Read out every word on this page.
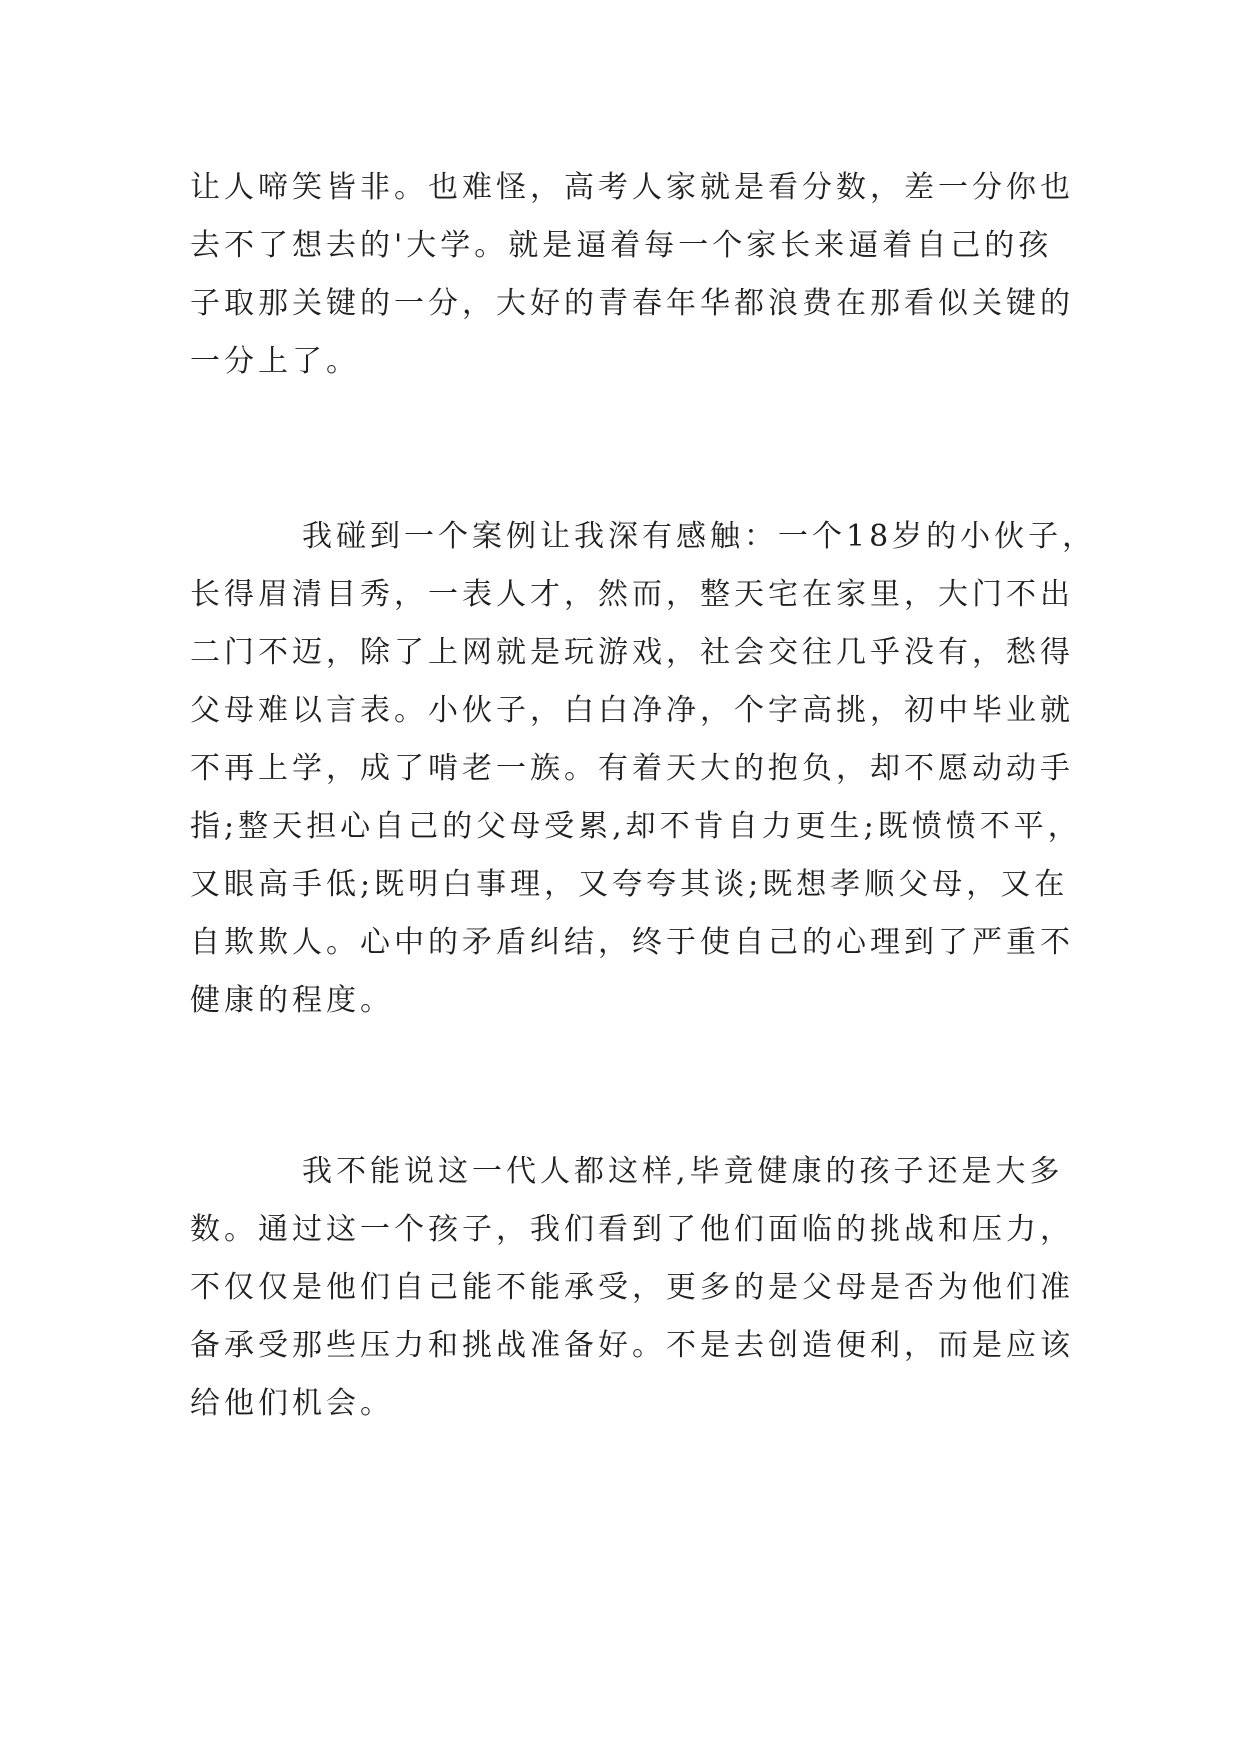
让人啼笑皆非。也难怪，高考人家就是看分数，差一分你也
去不了想去的'大学。就是逼着每一个家长来逼着自己的孩
子取那关键的一分，大好的青春年华都浪费在那看似关键的
一分上了。
我碰到一个案例让我深有感触：一个18岁的小伙子，
长得眉清目秀，一表人才，然而，整天宅在家里，大门不出
二门不迈，除了上网就是玩游戏，社会交往几乎没有，愁得
父母难以言表。小伙子，白白净净，个字高挑，初中毕业就
不再上学，成了啃老一族。有着天大的抱负，却不愿动动手
指;整天担心自己的父母受累,却不肯自力更生;既愤愤不平，
又眼高手低;既明白事理，又夸夸其谈;既想孝顺父母，又在
自欺欺人。心中的矛盾纠结，终于使自己的心理到了严重不
健康的程度。
我不能说这一代人都这样,毕竟健康的孩子还是大多
数。通过这一个孩子，我们看到了他们面临的挑战和压力，
不仅仅是他们自己能不能承受，更多的是父母是否为他们准
备承受那些压力和挑战准备好。不是去创造便利，而是应该
给他们机会。
